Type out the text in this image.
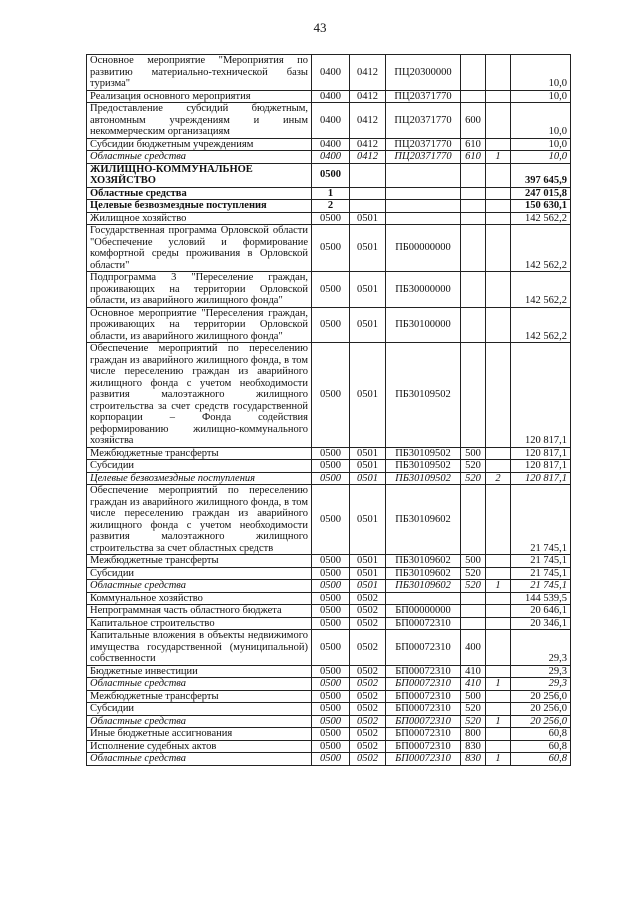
43
Основное мероприятие "Мероприятия по развитию материально-технической базы туризма"	0400	0412	ПЦ20300000			10,0
Реализация основного мероприятия	0400	0412	ПЦ20371770			10,0
Предоставление субсидий бюджетным, автономным учреждениям и иным некоммерческим организациям	0400	0412	ПЦ20371770	600		10,0
Субсидии бюджетным учреждениям	0400	0412	ПЦ20371770	610		10,0
Областные средства	0400	0412	ПЦ20371770	610	1	10,0
ЖИЛИЩНО-КОММУНАЛЬНОЕ ХОЗЯЙСТВО	0500					397 645,9
Областные средства	1					247 015,8
Целевые безвозмездные поступления	2					150 630,1
Жилищное хозяйство	0500	0501				142 562,2
Государственная программа Орловской области "Обеспечение условий и формирование комфортной среды проживания в Орловской области"	0500	0501	ПБ00000000			142 562,2
Подпрограмма 3 "Переселение граждан, проживающих на территории Орловской области, из аварийного жилищного фонда"	0500	0501	ПБ30000000			142 562,2
Основное мероприятие "Переселения граждан, проживающих на территории Орловской области, из аварийного жилищного фонда"	0500	0501	ПБ30100000			142 562,2
Обеспечение мероприятий по переселению граждан из аварийного жилищного фонда, в том числе переселению граждан из аварийного жилищного фонда с учетом необходимости развития малоэтажного жилищного строительства за счет средств государственной корпорации – Фонда содействия реформированию жилищно-коммунального хозяйства	0500	0501	ПБ30109502			120 817,1
Межбюджетные трансферты	0500	0501	ПБ30109502	500		120 817,1
Субсидии	0500	0501	ПБ30109502	520		120 817,1
Целевые безвозмездные поступления	0500	0501	ПБ30109502	520	2	120 817,1
Обеспечение мероприятий по переселению граждан из аварийного жилищного фонда, в том числе переселению граждан из аварийного жилищного фонда с учетом необходимости развития малоэтажного жилищного строительства за счет областных средств	0500	0501	ПБ30109602			21 745,1
Межбюджетные трансферты	0500	0501	ПБ30109602	500		21 745,1
Субсидии	0500	0501	ПБ30109602	520		21 745,1
Областные средства	0500	0501	ПБ30109602	520	1	21 745,1
Коммунальное хозяйство	0500	0502				144 539,5
Непрограммная часть областного бюджета	0500	0502	БП00000000			20 646,1
Капитальное строительство	0500	0502	БП00072310			20 346,1
Капитальные вложения в объекты недвижимого имущества государственной (муниципальной) собственности	0500	0502	БП00072310	400		29,3
Бюджетные инвестиции	0500	0502	БП00072310	410		29,3
Областные средства	0500	0502	БП00072310	410	1	29,3
Межбюджетные трансферты	0500	0502	БП00072310	500		20 256,0
Субсидии	0500	0502	БП00072310	520		20 256,0
Областные средства	0500	0502	БП00072310	520	1	20 256,0
Иные бюджетные ассигнования	0500	0502	БП00072310	800		60,8
Исполнение судебных актов	0500	0502	БП00072310	830		60,8
Областные средства	0500	0502	БП00072310	830	1	60,8
